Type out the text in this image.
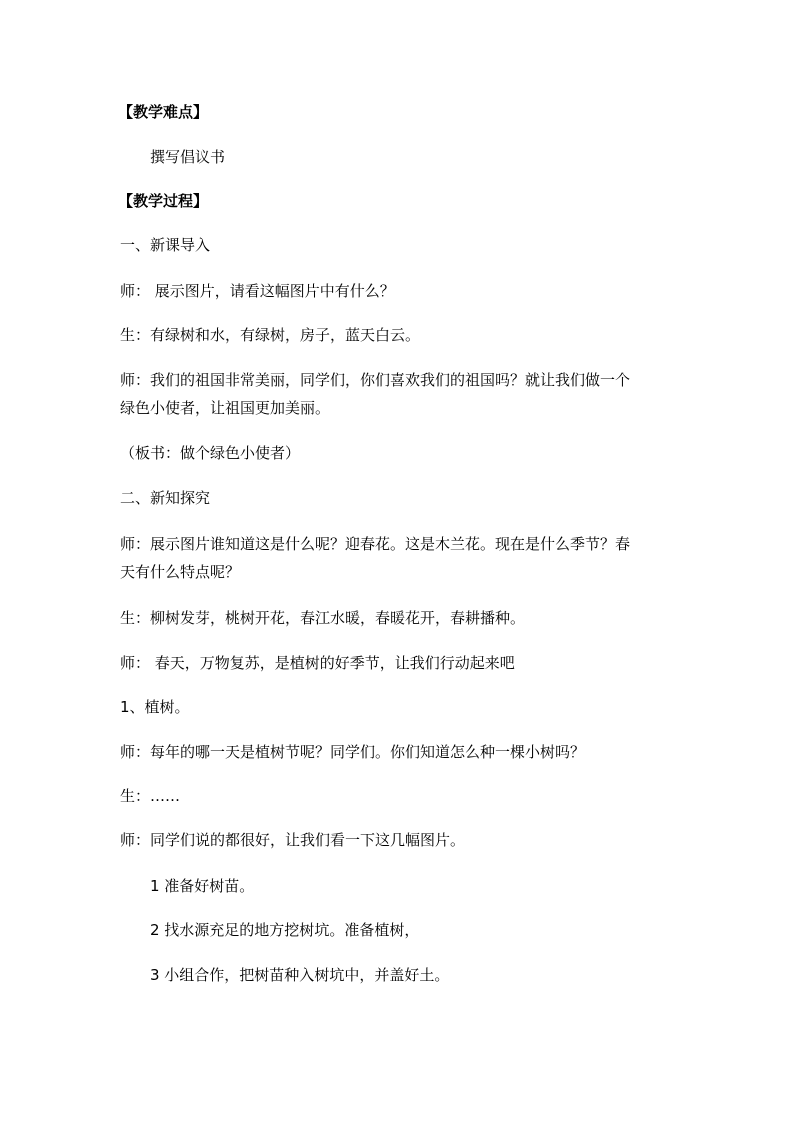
【教学难点】
撰写倡议书
【教学过程】
一、新课导入
师： 展示图片，请看这幅图片中有什么？
生：有绿树和水，有绿树，房子，蓝天白云。
师：我们的祖国非常美丽，同学们，你们喜欢我们的祖国吗？就让我们做一个绿色小使者，让祖国更加美丽。
（板书：做个绿色小使者）
二、新知探究
师：展示图片谁知道这是什么呢？迎春花。这是木兰花。现在是什么季节？春天有什么特点呢？
生：柳树发芽，桃树开花，春江水暖，春暖花开，春耕播种。
师： 春天，万物复苏，是植树的好季节，让我们行动起来吧
1、植树。
师：每年的哪一天是植树节呢？同学们。你们知道怎么种一棵小树吗？
生：……
师：同学们说的都很好，让我们看一下这几幅图片。
1 准备好树苗。
2 找水源充足的地方挖树坑。准备植树，
3 小组合作，把树苗种入树坑中，并盖好土。
